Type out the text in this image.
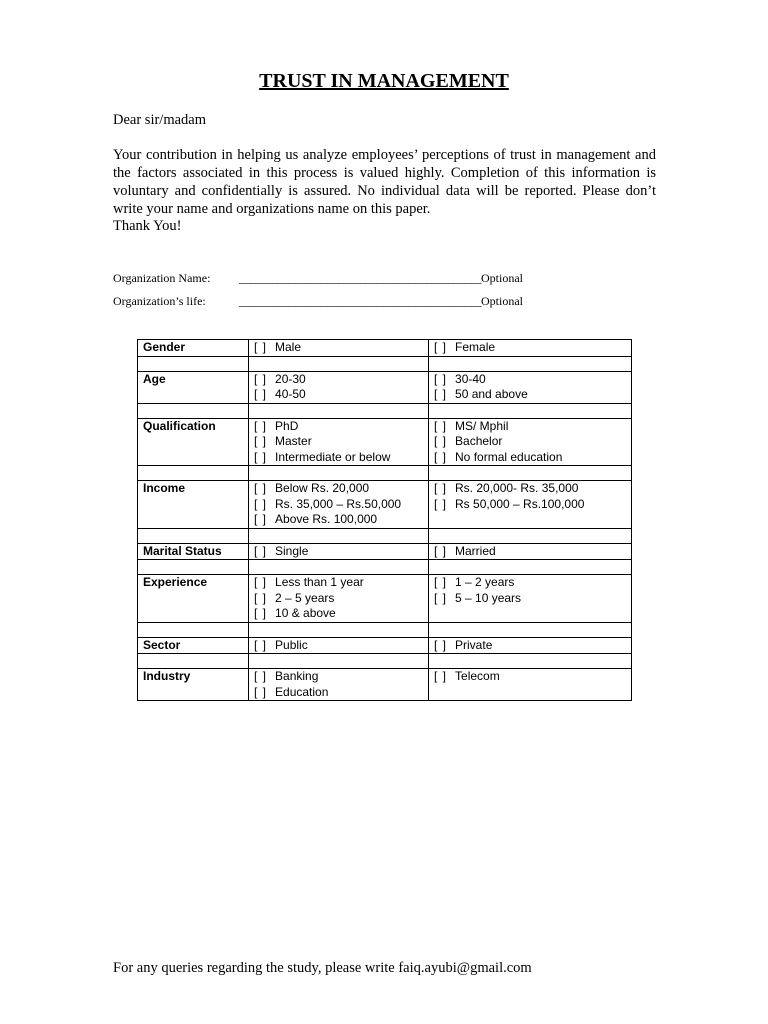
TRUST IN MANAGEMENT

Dear sir/madam

Your contribution in helping us analyze employees’ perceptions of trust in management and the factors associated in this process is valued highly. Completion of this information is voluntary and confidentially is assured. No individual data will be reported. Please don’t write your name and organizations name on this paper.

Thank You!

Organization Name: ____________________________________________Optional
Organization’s life:	____________________________________________Optional
Gender	[ ] Male	[ ] Female

Age	[ ] 20-30	[ ] 30-40
	[ ] 40-50	[ ] 50 and above

Qualification	[ ] PhD	[ ] MS/ Mphil
	[ ] Master	[ ] Bachelor
	[ ] Intermediate or below	[ ] No formal education

Income	[ ] Below Rs. 20,000	[ ] Rs. 20,000- Rs. 35,000
	[ ] Rs. 35,000 – Rs.50,000	[ ] Rs 50,000 – Rs.100,000
	[ ] Above Rs. 100,000	

Marital Status	[ ] Single	[ ] Married

Experience	[ ] Less than 1 year	[ ] 1 – 2 years
	[ ] 2 – 5 years	[ ] 5 – 10 years
	[ ] 10 & above	

Sector	[ ] Public	[ ] Private

Industry	[ ] Banking	[ ] Telecom
	[ ] Education	

For any queries regarding the study, please write faiq.ayubi@gmail.com
